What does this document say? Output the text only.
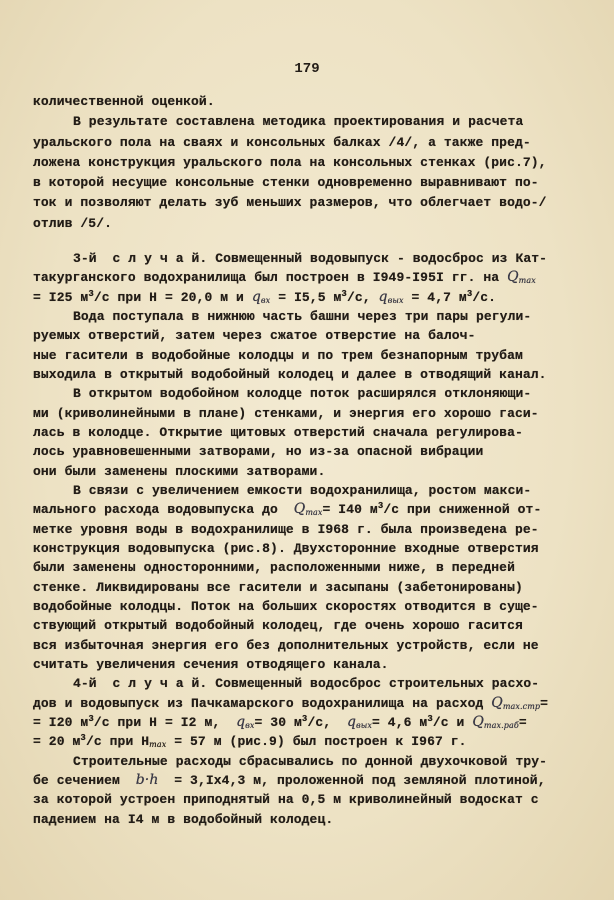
179
количественной оценкой.
В результате составлена методика проектирования и расчета
уральского пола на сваях и консольных балках /4/, а также пред-
ложена конструкция уральского пола на консольных стенках (рис.7),
в которой несущие консольные стенки одновременно выравнивают по-
ток и позволяют делать зуб меньших размеров, что облегчает водо-/
отлив /5/.
3-й  с л у ч а й. Совмещенный водовыпуск - водосброс из Кат-
такурганского водохранилища был построен в I949-I95I гг. на $Q_{max}$
= I25 $м^3/с$ при H = 20,0 м и $q_{вх} = I5,5$ $м^3/с$, $q_{вых} = 4,7$ $м^3/с$.
Вода поступала в нижнюю часть башни через три пары регули-
руемых отверстий, затем через сжатое отверстие на балоч-
ные гасители в водобойные колодцы и по трем безнапорным трубам
выходила в открытый водобойный колодец и далее в отводящий канал.
В открытом водобойном колодце поток расширялся отклоняющи-
ми (криволинейными в плане) стенками, и энергия его хорошо гаси-
лась в колодце. Открытие щитовых отверстий сначала регулирова-
лось уравновешенными затворами, но из-за опасной вибрации
они были заменены плоскими затворами.
В связи с увеличением емкости водохранилища, ростом макси-
мального расхода водовыпуска до  $Q_{max}= I40$ $м^3/с$ при сниженной от-
метке уровня воды в водохранилище в I968 г. была произведена ре-
конструкция водовыпуска (рис.8). Двухсторонние входные отверстия
были заменены односторонними, расположенными ниже, в передней
стенке. Ликвидированы все гасители и засыпаны (забетонированы)
водобойные колодцы. Поток на больших скоростях отводится в суще-
ствующий открытый водобойный колодец, где очень хорошо гасится
вся избыточная энергия его без дополнительных устройств, если не
считать увеличения сечения отводящего канала.
4-й  с л у ч а й. Совмещенный водосброс строительных расхо-
дов и водовыпуск из Пачкамарского водохранилища на расход $Q_{max.стр}=$
= I20 $м^3/с$ при H = I2 м,  $q_{вх}= 30$ $м^3/с$,  $q_{вых}= 4,6$ $м^3/с$ и $Q_{max.раб}=$
= 20 $м^3/с$ при Hmax = 57 м (рис.9) был построен к I967 г.
Строительные расходы сбрасывались по донной двухочковой тру-
бе сечением  b·h  = 3,Iх4,3 м, проложенной под земляной плотиной,
за которой устроен приподнятый на 0,5 м криволинейный водоскат с
падением на I4 м в водобойный колодец.
